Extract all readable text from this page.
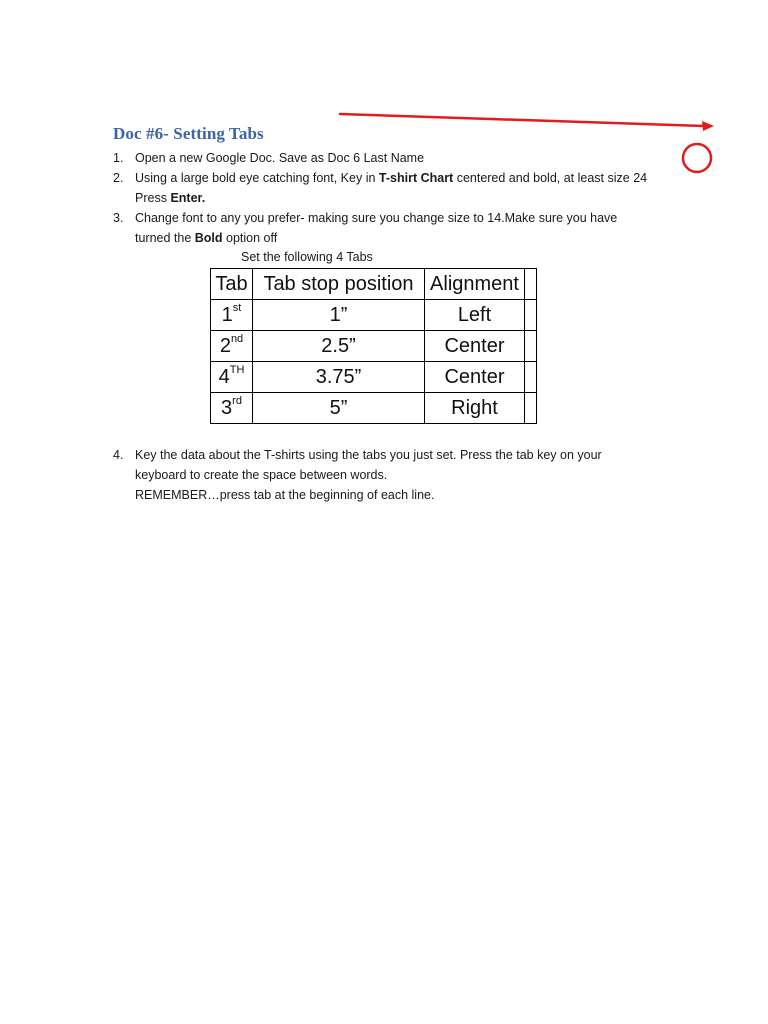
Doc #6- Setting Tabs
1. Open a new Google Doc. Save as Doc 6 Last Name
2. Using a large bold eye catching font, Key in T-shirt Chart centered and bold, at least size 24
Press Enter.
3. Change font to any you prefer- making sure you change size to 14.Make sure you have
turned the Bold option off
Set the following 4 Tabs
Tab	Tab stop position	Alignment	
1st	1”	Left	
2nd	2.5”	Center	
4TH	3.75”	Center	
3rd	5”	Right	
4. Key the data about the T-shirts using the tabs you just set. Press the tab key on your
keyboard to create the space between words.
REMEMBER…press tab at the beginning of each line.
